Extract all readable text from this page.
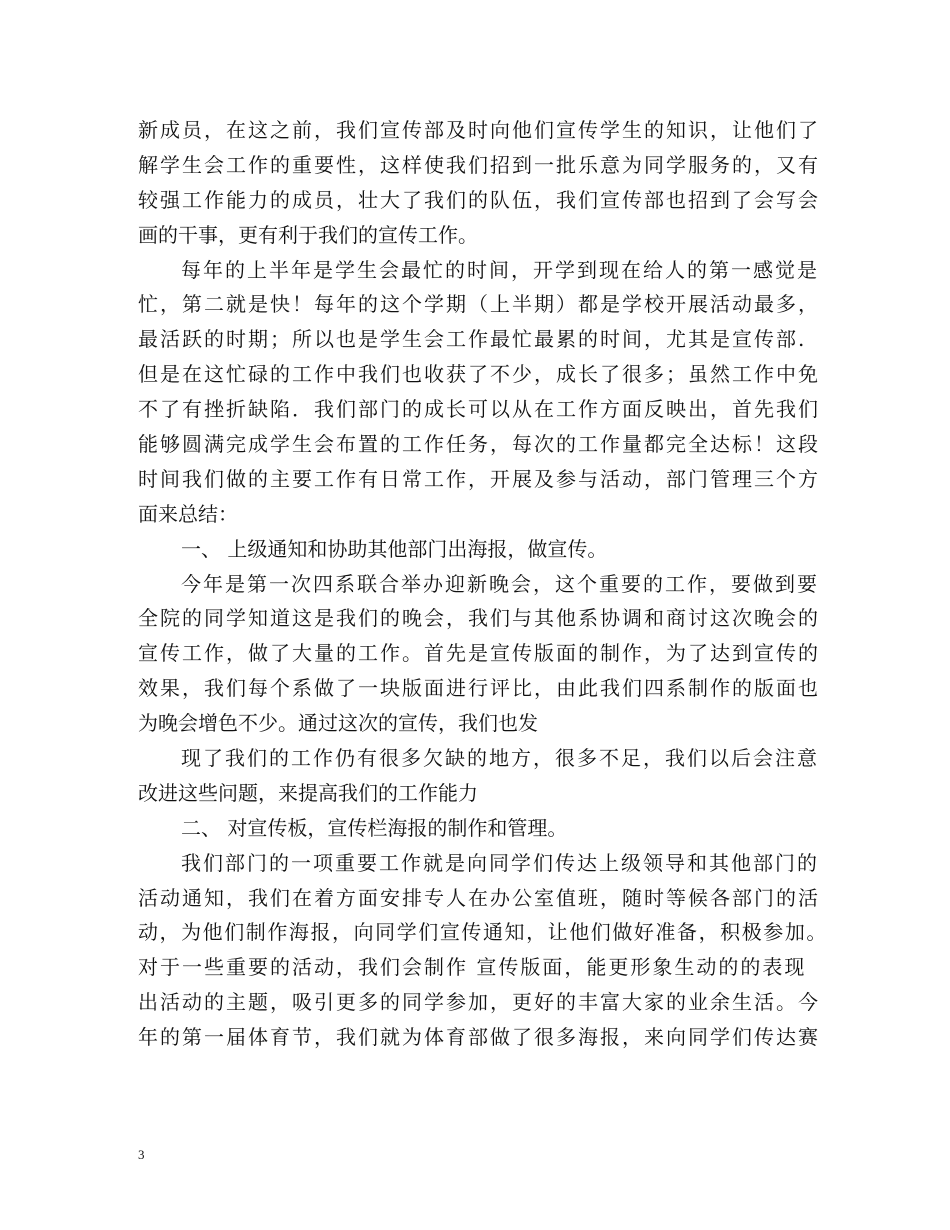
新成员，在这之前，我们宣传部及时向他们宣传学生的知识，让他们了
解学生会工作的重要性，这样使我们招到一批乐意为同学服务的，又有
较强工作能力的成员，壮大了我们的队伍，我们宣传部也招到了会写会
画的干事，更有利于我们的宣传工作。
每年的上半年是学生会最忙的时间，开学到现在给人的第一感觉是
忙，第二就是快！每年的这个学期（上半期）都是学校开展活动最多，
最活跃的时期；所以也是学生会工作最忙最累的时间，尤其是宣传部.
但是在这忙碌的工作中我们也收获了不少，成长了很多；虽然工作中免
不了有挫折缺陷．我们部门的成长可以从在工作方面反映出，首先我们
能够圆满完成学生会布置的工作任务，每次的工作量都完全达标！这段
时间我们做的主要工作有日常工作，开展及参与活动，部门管理三个方
面来总结：
一、 上级通知和协助其他部门出海报，做宣传。
今年是第一次四系联合举办迎新晚会，这个重要的工作，要做到要
全院的同学知道这是我们的晚会，我们与其他系协调和商讨这次晚会的
宣传工作，做了大量的工作。首先是宣传版面的制作，为了达到宣传的
效果，我们每个系做了一块版面进行评比，由此我们四系制作的版面也
为晚会增色不少。通过这次的宣传，我们也发
现了我们的工作仍有很多欠缺的地方，很多不足，我们以后会注意
改进这些问题，来提高我们的工作能力
二、 对宣传板，宣传栏海报的制作和管理。
我们部门的一项重要工作就是向同学们传达上级领导和其他部门的
活动通知，我们在着方面安排专人在办公室值班，随时等候各部门的活
动，为他们制作海报，向同学们宣传通知，让他们做好准备，积极参加。
对于一些重要的活动，我们会制作 宣传版面，能更形象生动的的表现
出活动的主题，吸引更多的同学参加，更好的丰富大家的业余生活。今
年的第一届体育节，我们就为体育部做了很多海报，来向同学们传达赛
3
